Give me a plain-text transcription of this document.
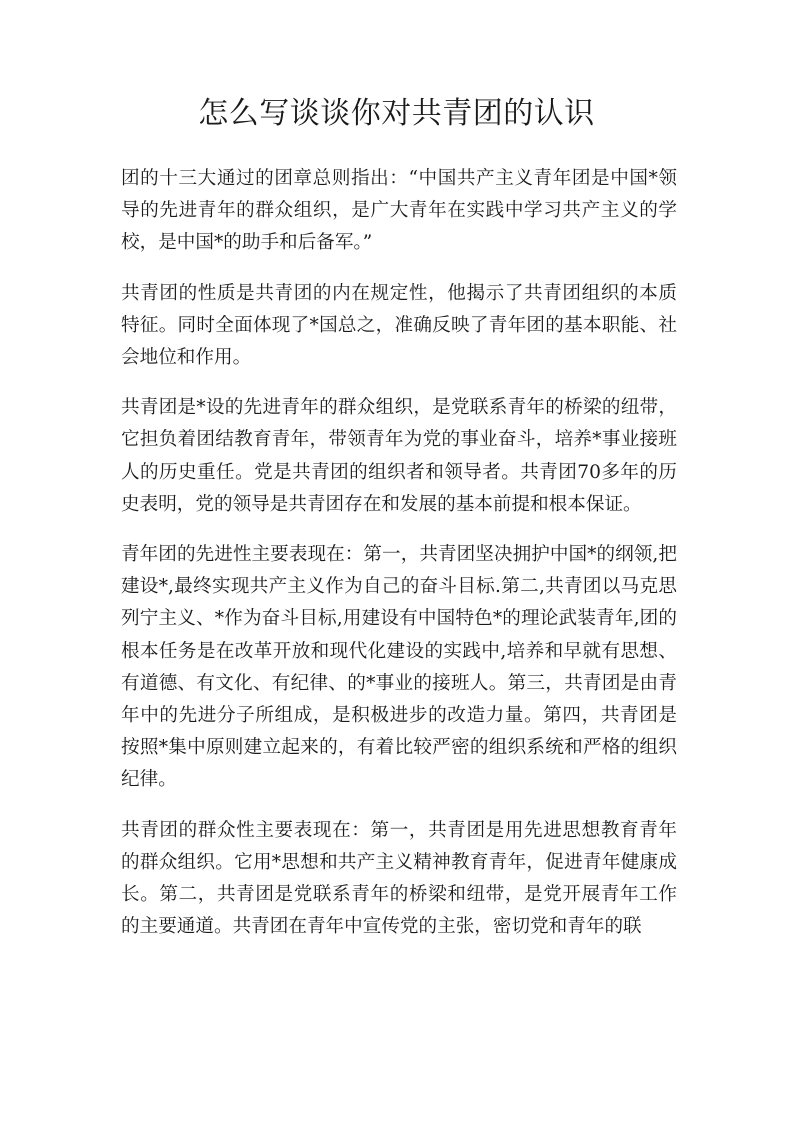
怎么写谈谈你对共青团的认识

团的十三大通过的团章总则指出：“中国共产主义青年团是中国*领导的先进青年的群众组织，是广大青年在实践中学习共产主义的学校，是中国*的助手和后备军。”

共青团的性质是共青团的内在规定性，他揭示了共青团组织的本质特征。同时全面体现了*国总之，准确反映了青年团的基本职能、社会地位和作用。

共青团是*设的先进青年的群众组织，是党联系青年的桥梁的纽带，它担负着团结教育青年，带领青年为党的事业奋斗，培养*事业接班人的历史重任。党是共青团的组织者和领导者。共青团70多年的历史表明，党的领导是共青团存在和发展的基本前提和根本保证。

青年团的先进性主要表现在：第一，共青团坚决拥护中国*的纲领,把建设*,最终实现共产主义作为自己的奋斗目标.第二,共青团以马克思列宁主义、*作为奋斗目标,用建设有中国特色*的理论武装青年,团的根本任务是在改革开放和现代化建设的实践中,培养和早就有思想、有道德、有文化、有纪律、的*事业的接班人。第三，共青团是由青年中的先进分子所组成，是积极进步的改造力量。第四，共青团是按照*集中原则建立起来的，有着比较严密的组织系统和严格的组织纪律。

共青团的群众性主要表现在：第一，共青团是用先进思想教育青年的群众组织。它用*思想和共产主义精神教育青年，促进青年健康成长。第二，共青团是党联系青年的桥梁和纽带，是党开展青年工作的主要通道。共青团在青年中宣传党的主张，密切党和青年的联
